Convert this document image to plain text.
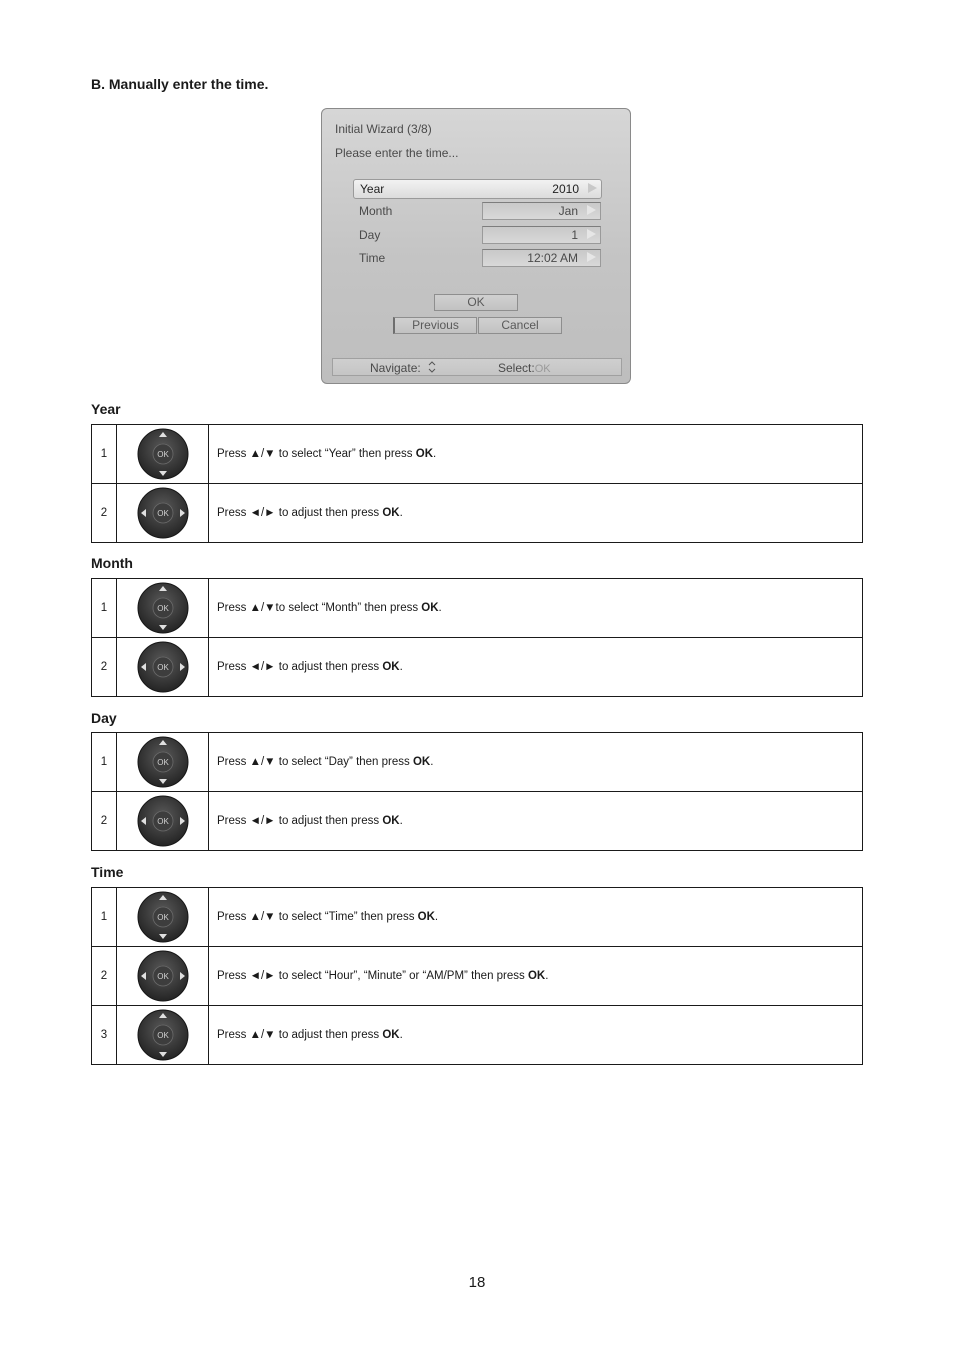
B. Manually enter the time.
Initial Wizard (3/8)
Please enter the time...
Year	2010
Month	Jan
Day	1
Time	12:02 AM
OK
Previous	Cancel
Navigate:	Select:OK
Year
1	OK	Press ▲/▼ to select “Year” then press OK.
2	OK	Press ◄/► to adjust then press OK.
Month
1	OK	Press ▲/▼to select “Month” then press OK.
2	OK	Press ◄/► to adjust then press OK.
Day
1	OK	Press ▲/▼ to select “Day” then press OK.
2	OK	Press ◄/► to adjust then press OK.
Time
1	OK	Press ▲/▼ to select “Time” then press OK.
2	OK	Press ◄/► to select “Hour”, “Minute” or “AM/PM” then press OK.
3	OK	Press ▲/▼ to adjust then press OK.
18
